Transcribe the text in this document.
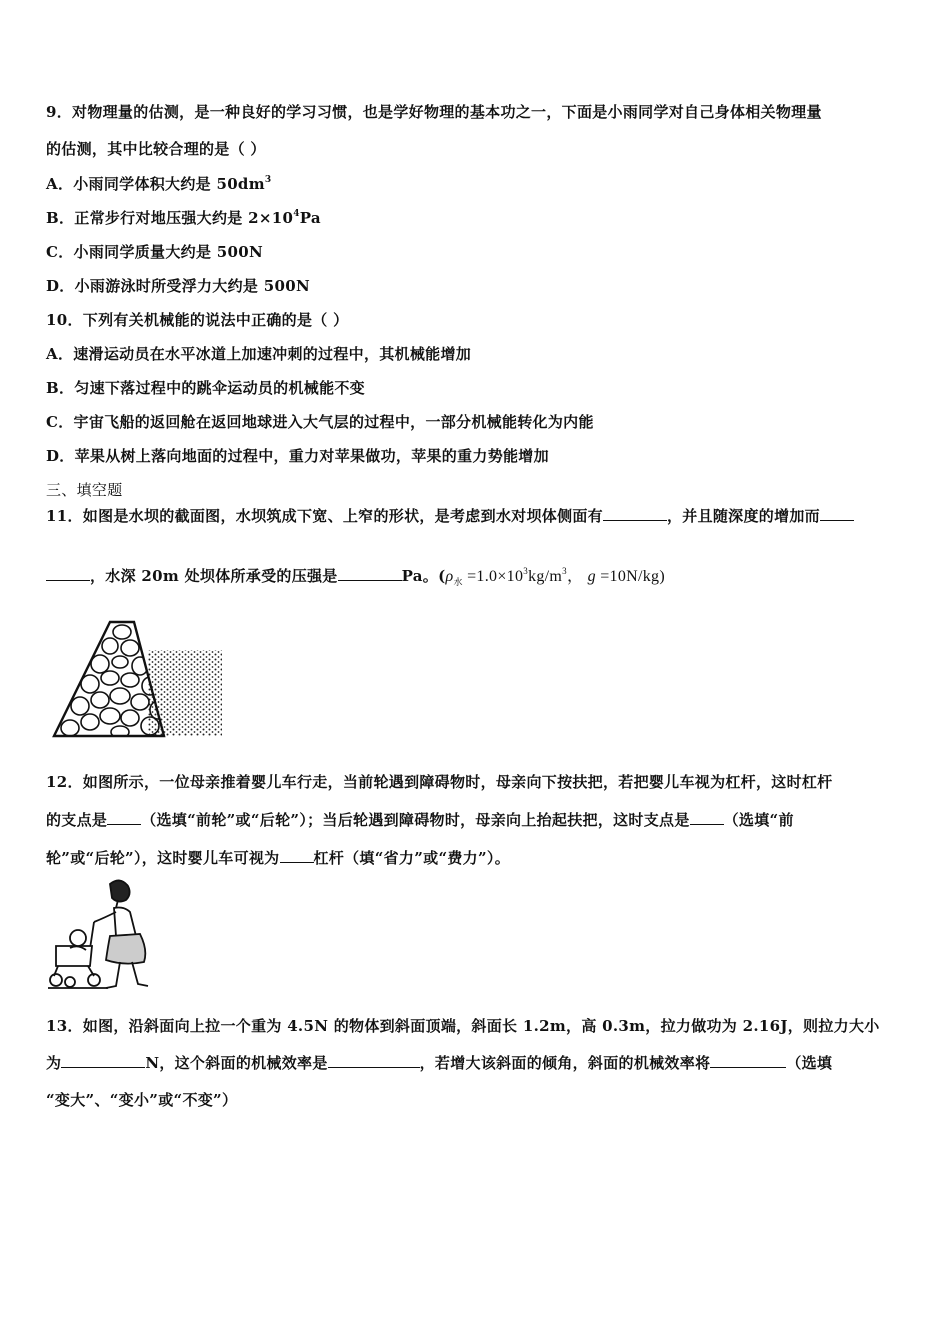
9．对物理量的估测，是一种良好的学习习惯，也是学好物理的基本功之一，下面是小雨同学对自己身体相关物理量
的估测，其中比较合理的是（ ）
A．小雨同学体积大约是 $50dm^3$
B．正常步行对地压强大约是 $2\times 10^4Pa$
C．小雨同学质量大约是 500N
D．小雨游泳时所受浮力大约是 500N
10．下列有关机械能的说法中正确的是（ ）
A．速滑运动员在水平冰道上加速冲刺的过程中，其机械能增加
B．匀速下落过程中的跳伞运动员的机械能不变
C．宇宙飞船的返回舱在返回地球进入大气层的过程中，一部分机械能转化为内能
D．苹果从树上落向地面的过程中，重力对苹果做功，苹果的重力势能增加
三、填空题
11．如图是水坝的截面图，水坝筑成下宽、上窄的形状，是考虑到水对坝体侧面有	，并且随深度的增加而
，水深 20m 处坝体所承受的压强是	Pa。($\rho_水 =1.0\times 10^3kg/m^3$， g =10N/kg)
12．如图所示，一位母亲推着婴儿车行走，当前轮遇到障碍物时，母亲向下按扶把，若把婴儿车视为杠杆，这时杠杆
的支点是 （选填“前轮”或“后轮”）；当后轮遇到障碍物时，母亲向上抬起扶把，这时支点是 （选填“前
轮”或“后轮”），这时婴儿车可视为 杠杆（填“省力”或“费力”）。
13．如图，沿斜面向上拉一个重为 4.5N 的物体到斜面顶端，斜面长 1.2m，高 0.3m，拉力做功为 2.16J，则拉力大小
为	N，这个斜面的机械效率是	，若增大该斜面的倾角，斜面的机械效率将	（选填
“变大”、“变小”或“不变”）
